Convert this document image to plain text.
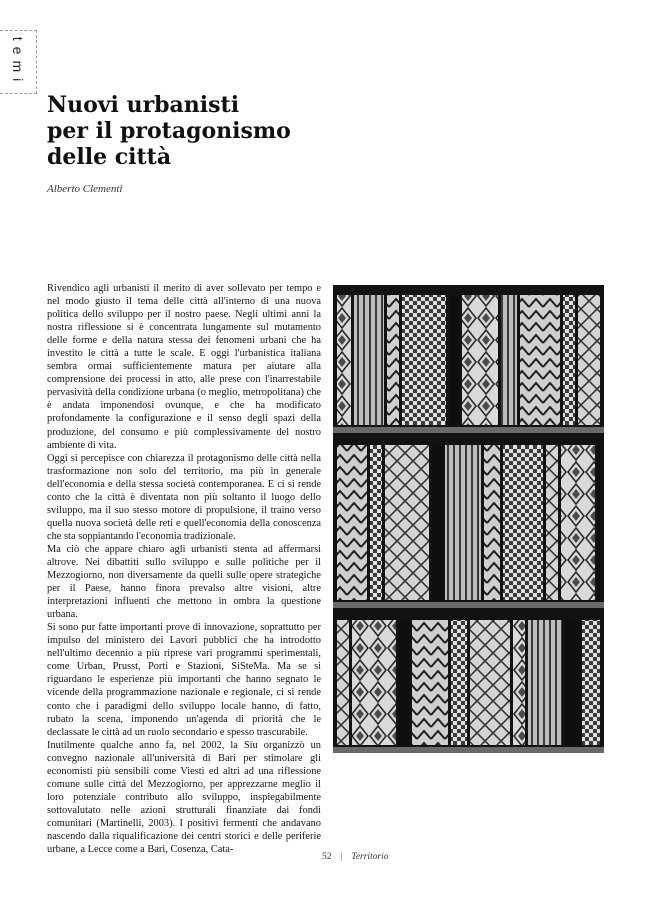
temi
Nuovi urbanisti
per il protagonismo
delle città
Alberto Clementi

Rivendico agli urbanisti il merito di aver sollevato per tempo e nel modo giusto il tema delle città all'interno di una nuova politica dello sviluppo per il nostro paese. Negli ultimi anni la nostra riflessione si è concentrata lungamente sul mutamento delle forme e della natura stessa dei fenomeni urbani che ha investito le città a tutte le scale. E oggi l'urbanistica italiana sembra ormai sufficientemente matura per aiutare alla comprensione dei processi in atto, alle prese con l'inarrestabile pervasività della condizione urbana (o meglio, metropolitana) che è andata imponendosi ovunque, e che ha modificato profondamente la configurazione e il senso degli spazi della produzione, del consumo e più complessivamente del nostro ambiente di vita.

Oggi si percepisce con chiarezza il protagonismo delle città nella trasformazione non solo del territorio, ma più in generale dell'economia e della stessa società contemporanea. E ci si rende conto che la città è diventata non più soltanto il luogo dello sviluppo, ma il suo stesso motore di propulsione, il traino verso quella nuova società delle reti e quell'economia della conoscenza che sta soppiantando l'economia tradizionale.

Ma ciò che appare chiaro agli urbanisti stenta ad affermarsi altrove. Nei dibattiti sullo sviluppo e sulle politiche per il Mezzogiorno, non diversamente da quelli sulle opere strategiche per il Paese, hanno finora prevalso altre visioni, altre interpretazioni influenti che mettono in ombra la questione urbana.

Si sono pur fatte importanti prove di innovazione, soprattutto per impulso del ministero dei Lavori pubblici che ha introdotto nell'ultimo decennio a più riprese vari programmi sperimentali, come Urban, Prusst, Porti e Stazioni, SiSteMa. Ma se si riguardano le esperienze più importanti che hanno segnato le vicende della programmazione nazionale e regionale, ci si rende conto che i paradigmi dello sviluppo locale hanno, di fatto, rubato la scena, imponendo un'agenda di priorità che le declassate le città ad un ruolo secondario e spesso trascurabile.

Inutilmente qualche anno fa, nel 2002, la Siu organizzò un convegno nazionale all'università di Bari per stimolare gli economisti più sensibili come Viesti ed altri ad una riflessione comune sulle città del Mezzogiorno, per apprezzarne meglio il loro potenziale contributo allo sviluppo, inspiegabilmente sottovalutato nelle azioni strutturali finanziate dai fondi comunitari (Martinelli, 2003). I positivi fermenti che andavano nascendo dalla riqualificazione dei centri storici e delle periferie urbane, a Lecce come a Bari, Cosenza, Cata-

52 | Territorio
